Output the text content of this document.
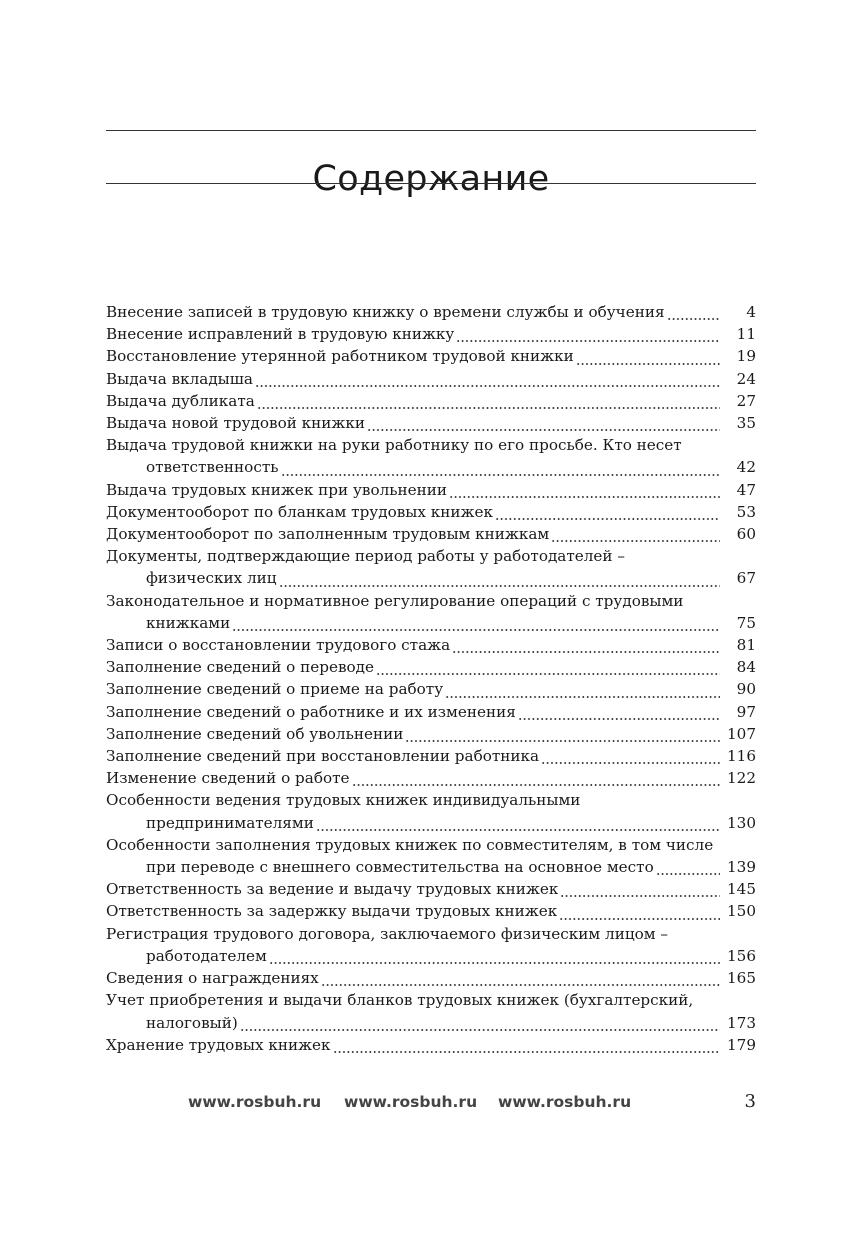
Содержание
Внесение записей в трудовую книжку о времени службы и обучения	4
Внесение исправлений в трудовую книжку	11
Восстановление утерянной работником трудовой книжки	19
Выдача вкладыша	24
Выдача дубликата	27
Выдача новой трудовой книжки	35
Выдача трудовой книжки на руки работнику по его просьбе. Кто несет
ответственность	42
Выдача трудовых книжек при увольнении	47
Документооборот по бланкам трудовых книжек	53
Документооборот по заполненным трудовым книжкам	60
Документы, подтверждающие период работы у работодателей –
физических лиц	67
Законодательное и нормативное регулирование операций с трудовыми
книжками	75
Записи о восстановлении трудового стажа	81
Заполнение сведений о переводе	84
Заполнение сведений о приеме на работу	90
Заполнение сведений о работнике и их изменения	97
Заполнение сведений об увольнении	107
Заполнение сведений при восстановлении работника	116
Изменение сведений о работе	122
Особенности ведения трудовых книжек индивидуальными
предпринимателями	130
Особенности заполнения трудовых книжек по совместителям, в том числе
при переводе с внешнего совместительства на основное место	139
Ответственность за ведение и выдачу трудовых книжек	145
Ответственность за задержку выдачи трудовых книжек	150
Регистрация трудового договора, заключаемого физическим лицом –
работодателем	156
Сведения о награждениях	165
Учет приобретения и выдачи бланков трудовых книжек (бухгалтерский,
налоговый)	173
Хранение трудовых книжек	179
www.rosbuh.ru www.rosbuh.ru www.rosbuh.ru	3
